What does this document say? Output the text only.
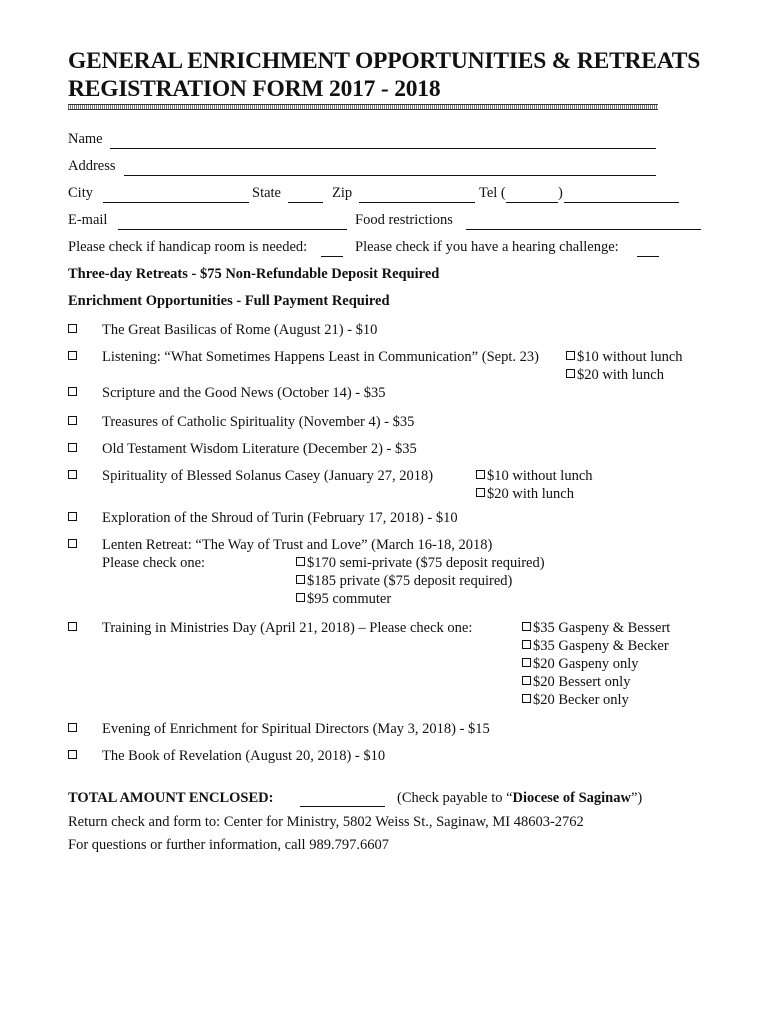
GENERAL ENRICHMENT OPPORTUNITIES & RETREATS
REGISTRATION FORM 2017 - 2018
Name
Address
City	State	Zip	Tel (	)
E-mail	Food restrictions
Please check if handicap room is needed:	Please check if you have a hearing challenge:
Three-day Retreats - $75 Non-Refundable Deposit Required
Enrichment Opportunities - Full Payment Required
The Great Basilicas of Rome (August 21) - $10
Listening: “What Sometimes Happens Least in Communication” (Sept. 23)	$10 without lunch
$20 with lunch
Scripture and the Good News (October 14) - $35
Treasures of Catholic Spirituality (November 4) - $35
Old Testament Wisdom Literature (December 2) - $35
Spirituality of Blessed Solanus Casey (January 27, 2018)	$10 without lunch
$20 with lunch
Exploration of the Shroud of Turin (February 17, 2018) - $10
Lenten Retreat: “The Way of Trust and Love” (March 16-18, 2018)
Please check one:	$170 semi-private ($75 deposit required)
$185 private ($75 deposit required)
$95 commuter
Training in Ministries Day (April 21, 2018) – Please check one:	$35 Gaspeny & Bessert
$35 Gaspeny & Becker
$20 Gaspeny only
$20 Bessert only
$20 Becker only
Evening of Enrichment for Spiritual Directors (May 3, 2018) - $15
The Book of Revelation (August 20, 2018) - $10
TOTAL AMOUNT ENCLOSED:	(Check payable to “Diocese of Saginaw”)
Return check and form to: Center for Ministry, 5802 Weiss St., Saginaw, MI 48603-2762
For questions or further information, call 989.797.6607
